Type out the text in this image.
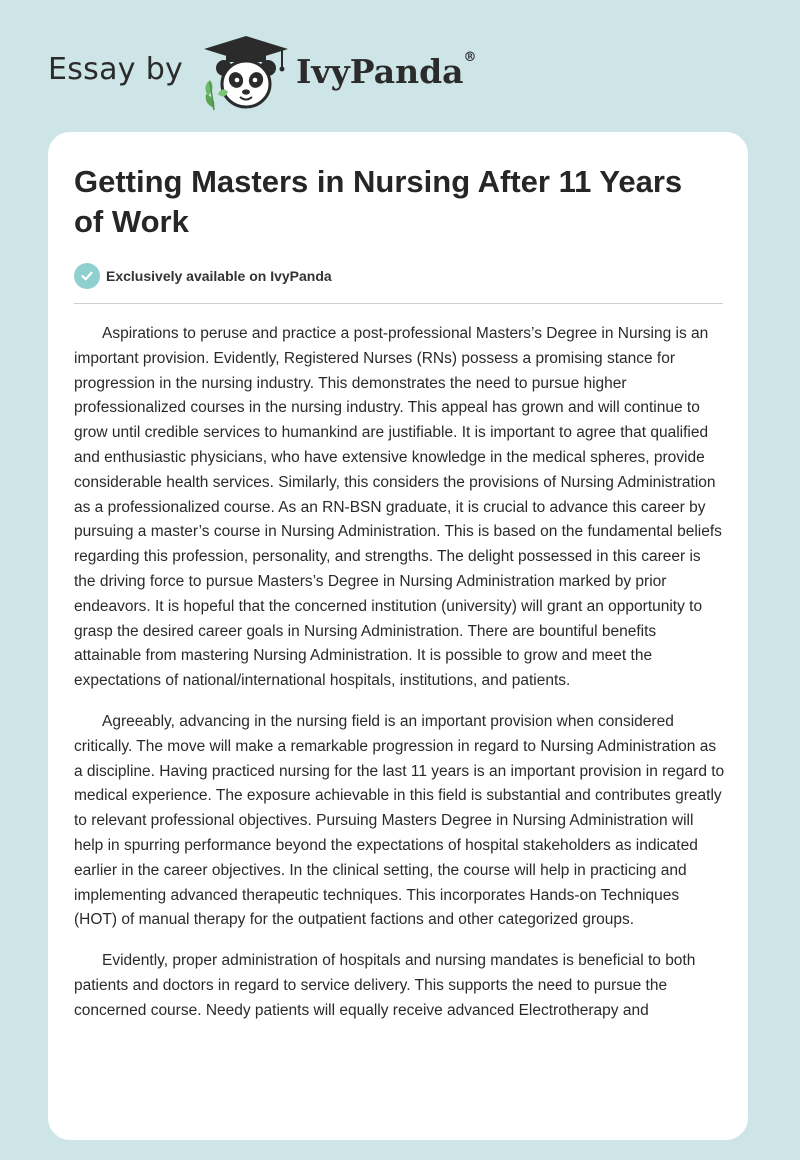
Essay by	IvyPanda®
Getting Masters in Nursing After 11 Years of Work
Exclusively available on IvyPanda

Aspirations to peruse and practice a post-professional Masters’s Degree in Nursing is an important provision. Evidently, Registered Nurses (RNs) possess a promising stance for progression in the nursing industry. This demonstrates the need to pursue higher professionalized courses in the nursing industry. This appeal has grown and will continue to grow until credible services to humankind are justifiable. It is important to agree that qualified and enthusiastic physicians, who have extensive knowledge in the medical spheres, provide considerable health services. Similarly, this considers the provisions of Nursing Administration as a professionalized course. As an RN-BSN graduate, it is crucial to advance this career by pursuing a master’s course in Nursing Administration. This is based on the fundamental beliefs regarding this profession, personality, and strengths. The delight possessed in this career is the driving force to pursue Masters’s Degree in Nursing Administration marked by prior endeavors. It is hopeful that the concerned institution (university) will grant an opportunity to grasp the desired career goals in Nursing Administration. There are bountiful benefits attainable from mastering Nursing Administration. It is possible to grow and meet the expectations of national/international hospitals, institutions, and patients.

Agreeably, advancing in the nursing field is an important provision when considered critically. The move will make a remarkable progression in regard to Nursing Administration as a discipline. Having practiced nursing for the last 11 years is an important provision in regard to medical experience. The exposure achievable in this field is substantial and contributes greatly to relevant professional objectives. Pursuing Masters Degree in Nursing Administration will help in spurring performance beyond the expectations of hospital stakeholders as indicated earlier in the career objectives. In the clinical setting, the course will help in practicing and implementing advanced therapeutic techniques. This incorporates Hands-on Techniques (HOT) of manual therapy for the outpatient factions and other categorized groups.

Evidently, proper administration of hospitals and nursing mandates is beneficial to both patients and doctors in regard to service delivery. This supports the need to pursue the concerned course. Needy patients will equally receive advanced Electrotherapy and
